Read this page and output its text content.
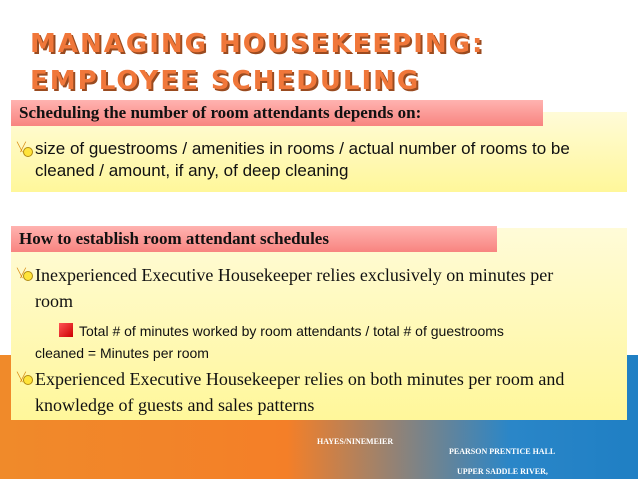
MANAGING HOUSEKEEPING:
EMPLOYEE SCHEDULING
Scheduling the number of room attendants depends on:
╲╱
size of guestrooms / amenities in rooms / actual number of rooms to be cleaned / amount, if any, of deep cleaning
How to establish room attendant schedules
╲╱
Inexperienced Executive Housekeeper relies exclusively on minutes per room
Total # of minutes worked by room attendants / total # of guestrooms
cleaned = Minutes per room
╲╱
Experienced Executive Housekeeper relies on both minutes per room and knowledge of guests and sales patterns
HAYES/NINEMEIER
PEARSON PRENTICE HALL
UPPER SADDLE RIVER,
